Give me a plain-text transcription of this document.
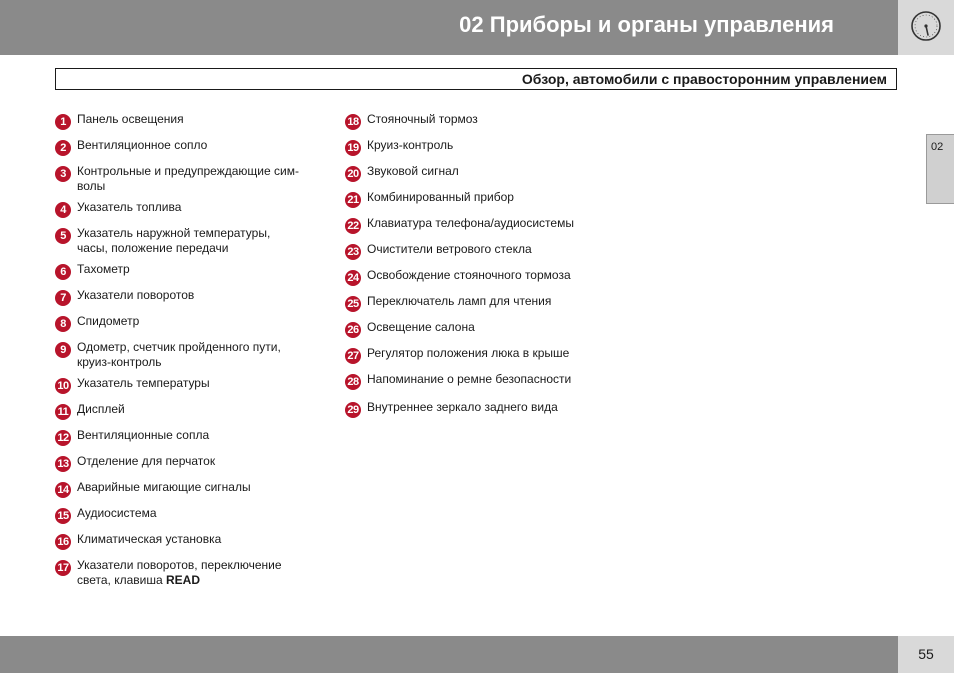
02 Приборы и органы управления
Обзор, автомобили с правосторонним управлением
02
1 Панель освещения
2 Вентиляционное сопло
3 Контрольные и предупреждающие сим-
волы
4 Указатель топлива
5 Указатель наружной температуры,
часы, положение передачи
6 Тахометр
7 Указатели поворотов
8 Спидометр
9 Одометр, счетчик пройденного пути,
круиз-контроль
10 Указатель температуры
11 Дисплей
12 Вентиляционные сопла
13 Отделение для перчаток
14 Аварийные мигающие сигналы
15 Аудиосистема
16 Климатическая установка
17 Указатели поворотов, переключение
света, клавиша READ
18 Стояночный тормоз
19 Круиз-контроль
20 Звуковой сигнал
21 Комбинированный прибор
22 Клавиатура телефона/аудиосистемы
23 Очистители ветрового стекла
24 Освобождение стояночного тормоза
25 Переключатель ламп для чтения
26 Освещение салона
27 Регулятор положения люка в крыше
28 Напоминание о ремне безопасности
29 Внутреннее зеркало заднего вида
55
